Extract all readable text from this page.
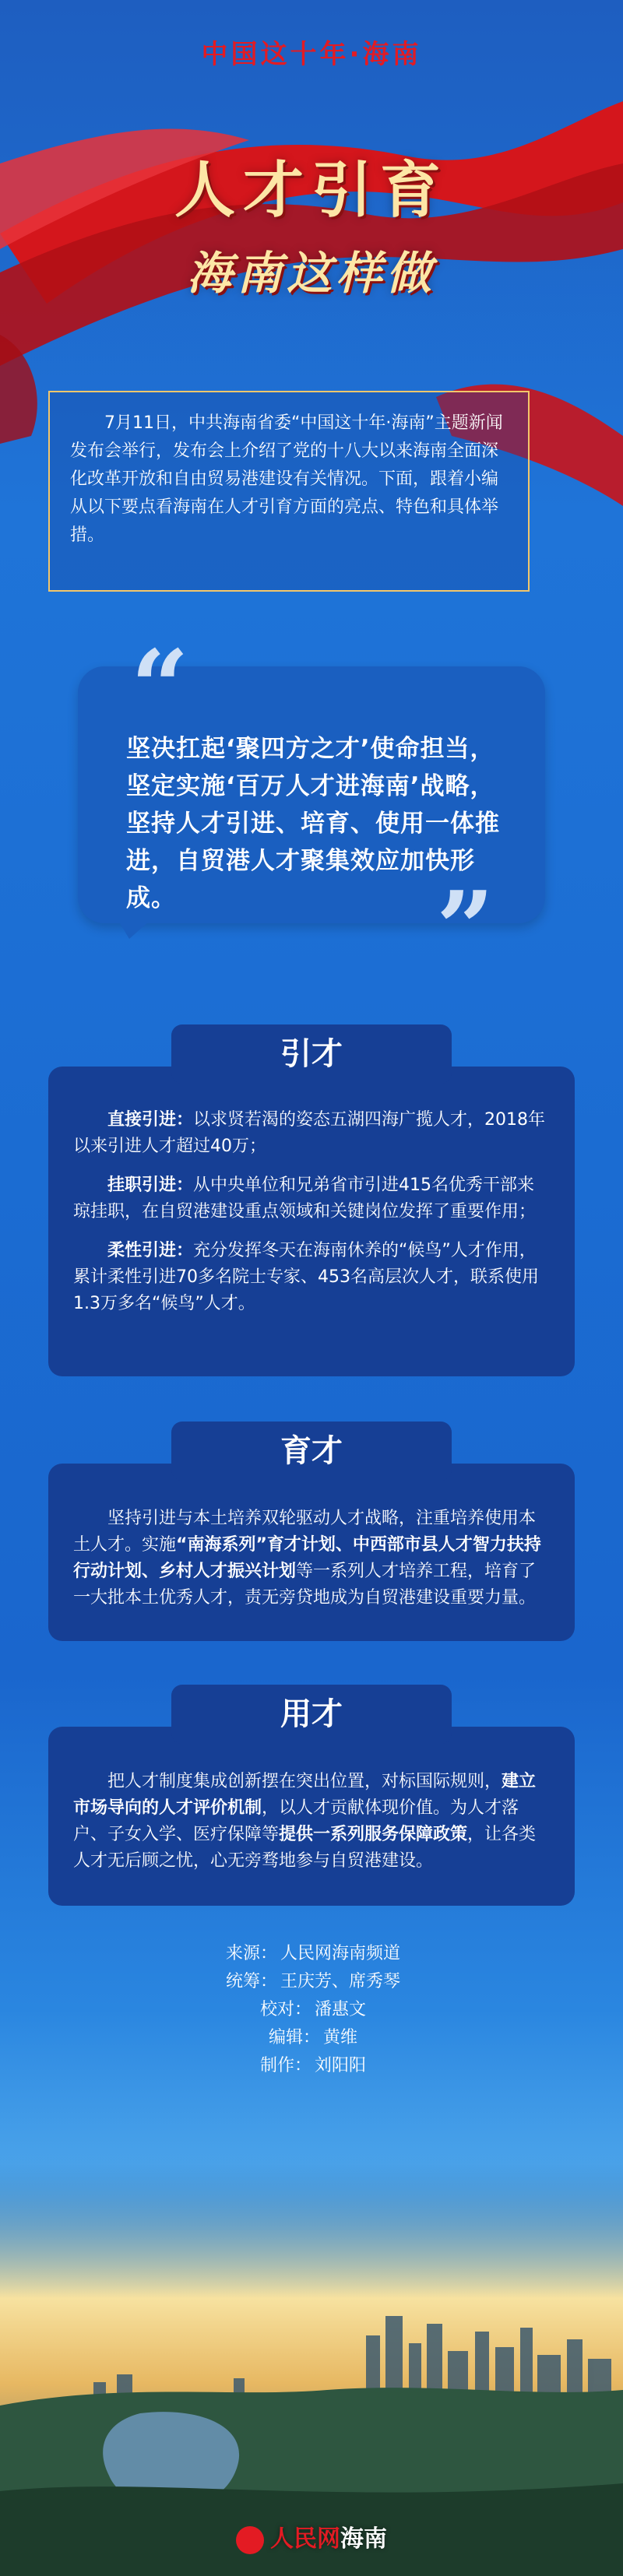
中国这十年·海南
人才引育
海南这样做

7月11日，中共海南省委“中国这十年·海南”主题新闻发布会举行，发布会上介绍了党的十八大以来海南全面深化改革开放和自由贸易港建设有关情况。下面，跟着小编从以下要点看海南在人才引育方面的亮点、特色和具体举措。

坚决扛起‘聚四方之才’使命担当，坚定实施‘百万人才进海南’战略，坚持人才引进、培育、使用一体推进，自贸港人才聚集效应加快形成。

“
”

直接引进：以求贤若渴的姿态五湖四海广揽人才，2018年以来引进人才超过40万；

挂职引进：从中央单位和兄弟省市引进415名优秀干部来琼挂职，在自贸港建设重点领域和关键岗位发挥了重要作用；

柔性引进：充分发挥冬天在海南休养的“候鸟”人才作用，累计柔性引进70多名院士专家、453名高层次人才，联系使用1.3万多名“候鸟”人才。

引才

坚持引进与本土培养双轮驱动人才战略，注重培养使用本土人才。实施“南海系列”育才计划、中西部市县人才智力扶持行动计划、乡村人才振兴计划等一系列人才培养工程，培育了一大批本土优秀人才，责无旁贷地成为自贸港建设重要力量。

育才

把人才制度集成创新摆在突出位置，对标国际规则，建立市场导向的人才评价机制，以人才贡献体现价值。为人才落户、子女入学、医疗保障等提供一系列服务保障政策，让各类人才无后顾之忧，心无旁骛地参与自贸港建设。

用才
来源： 人民网海南频道
统筹： 王庆芳、席秀琴
校对： 潘惠文
编辑： 黄维
制作： 刘阳阳
人民网海南
